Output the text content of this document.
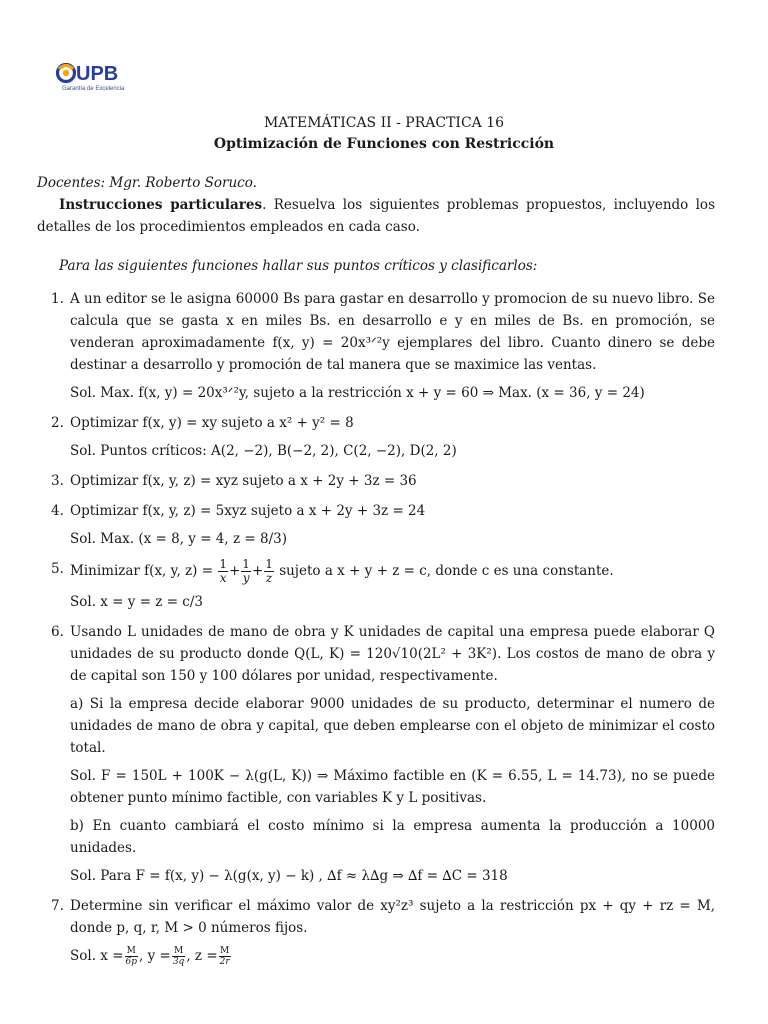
UPB
Garantía de Excelencia
MATEMÁTICAS II - PRACTICA 16
Optimización de Funciones con Restricción

Docentes: Mgr. Roberto Soruco.

Instrucciones particulares. Resuelva los siguientes problemas propuestos, incluyendo los detalles de los procedimientos empleados en cada caso.

Para las siguientes funciones hallar sus puntos críticos y clasificarlos:

1. A un editor se le asigna 60000 Bs para gastar en desarrollo y promocion de su nuevo libro. Se calcula que se gasta x en miles Bs. en desarrollo e y en miles de Bs. en promoción, se venderan aproximadamente f(x, y) = 20x³ᐟ²y ejemplares del libro. Cuanto dinero se debe destinar a desarrollo y promoción de tal manera que se maximice las ventas.

Sol. Max. f(x, y) = 20x³ᐟ²y, sujeto a la restricción x + y = 60 ⇒ Max. (x = 36, y = 24)

2. Optimizar f(x, y) = xy sujeto a x² + y² = 8

Sol. Puntos críticos: A(2, −2), B(−2, 2), C(2, −2), D(2, 2)

3. Optimizar f(x, y, z) = xyz sujeto a x + 2y + 3z = 36

4. Optimizar f(x, y, z) = 5xyz sujeto a x + 2y + 3z = 24

Sol. Max. (x = 8, y = 4, z = 8/3)

5. Minimizar f(x, y, $z) = \frac{1}{x} + \frac{1}{y} + \frac{1}{z}$ sujeto a x + y + z = c, donde c es una constante.

Sol. x = y = z = c/3

6. Usando L unidades de mano de obra y K unidades de capital una empresa puede elaborar Q unidades de su producto donde Q(L, K) = 120√10(2L² + 3K²). Los costos de mano de obra y de capital son 150 y 100 dólares por unidad, respectivamente.

a) Si la empresa decide elaborar 9000 unidades de su producto, determinar el numero de unidades de mano de obra y capital, que deben emplearse con el objeto de minimizar el costo total.

Sol. F = 150L + 100K − λ(g(L, K)) ⇒ Máximo factible en (K = 6.55, L = 14.73), no se puede obtener punto mínimo factible, con variables K y L positivas.

b) En cuanto cambiará el costo mínimo si la empresa aumenta la producción a 10000 unidades.

Sol. Para F = f(x, y) − λ(g(x, y) − k) , ∆f ≈ λ∆g ⇒ ∆f = ∆C = 318

7. Determine sin verificar el máximo valor de xy²z³ sujeto a la restricción px + qy + rz = M, donde p, q, r, M > 0 números fijos.

Sol. $x = \frac{M}{6p}$ , $y = \frac{M}{3q}$ , $z = \frac{M}{2r}$
